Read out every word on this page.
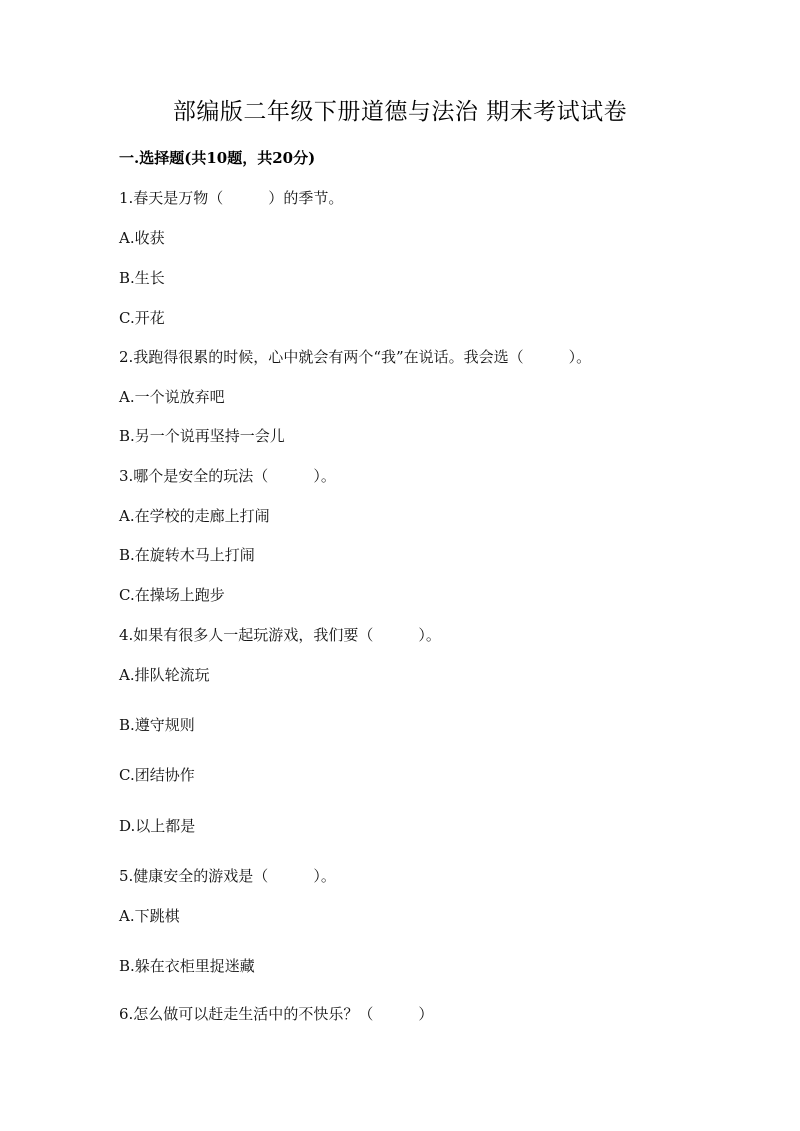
部编版二年级下册道德与法治 期末考试试卷
一.选择题(共10题，共20分)
1.春天是万物（　　　）的季节。
A.收获
B.生长
C.开花
2.我跑得很累的时候，心中就会有两个“我”在说话。我会选（　　　）。
A.一个说放弃吧
B.另一个说再坚持一会儿
3.哪个是安全的玩法（　　　）。
A.在学校的走廊上打闹
B.在旋转木马上打闹
C.在操场上跑步
4.如果有很多人一起玩游戏，我们要（　　　）。
A.排队轮流玩
B.遵守规则
C.团结协作
D.以上都是
5.健康安全的游戏是（　　　）。
A.下跳棋
B.躲在衣柜里捉迷藏
6.怎么做可以赶走生活中的不快乐？（　　　）
